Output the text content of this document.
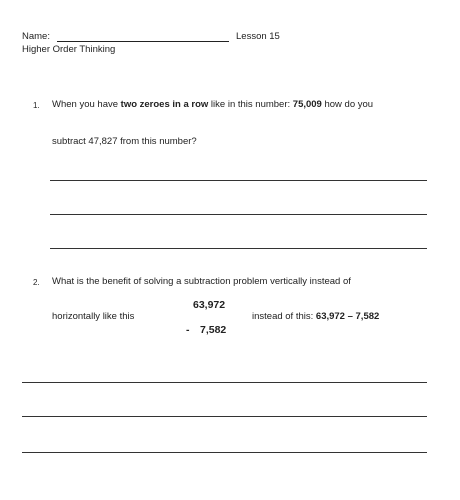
Name:	Lesson 15
Higher Order Thinking
1. When you have two zeroes in a row like in this number: 75,009 how do you
subtract 47,827 from this number?
2. What is the benefit of solving a subtraction problem vertically instead of
horizontally like this
63,972
- 7,582
instead of this: 63,972 – 7,582
